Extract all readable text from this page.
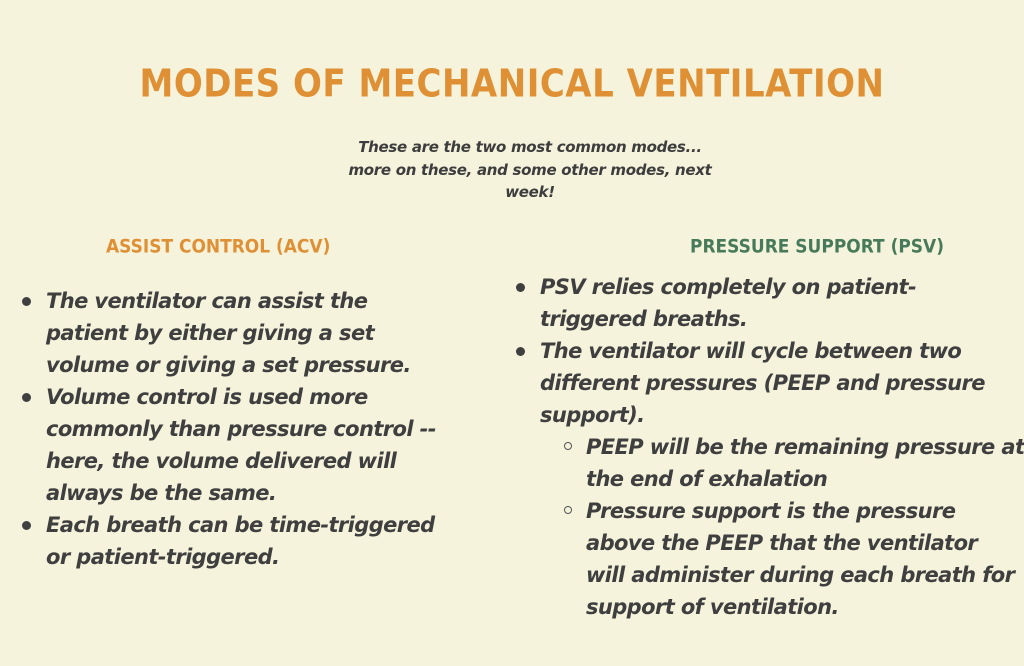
MODES OF MECHANICAL VENTILATION
These are the two most common modes... more on these, and some other modes, next week!
ASSIST CONTROL (ACV)	PRESSURE SUPPORT (PSV)
The ventilator can assist the
patient by either giving a set
volume or giving a set pressure.
Volume control is used more
commonly than pressure control --
here, the volume delivered will
always be the same.
Each breath can be time-triggered
or patient-triggered.
PSV relies completely on patient-
triggered breaths.
The ventilator will cycle between two
different pressures (PEEP and pressure
support).
PEEP will be the remaining pressure at
the end of exhalation
Pressure support is the pressure
above the PEEP that the ventilator
will administer during each breath for
support of ventilation.
